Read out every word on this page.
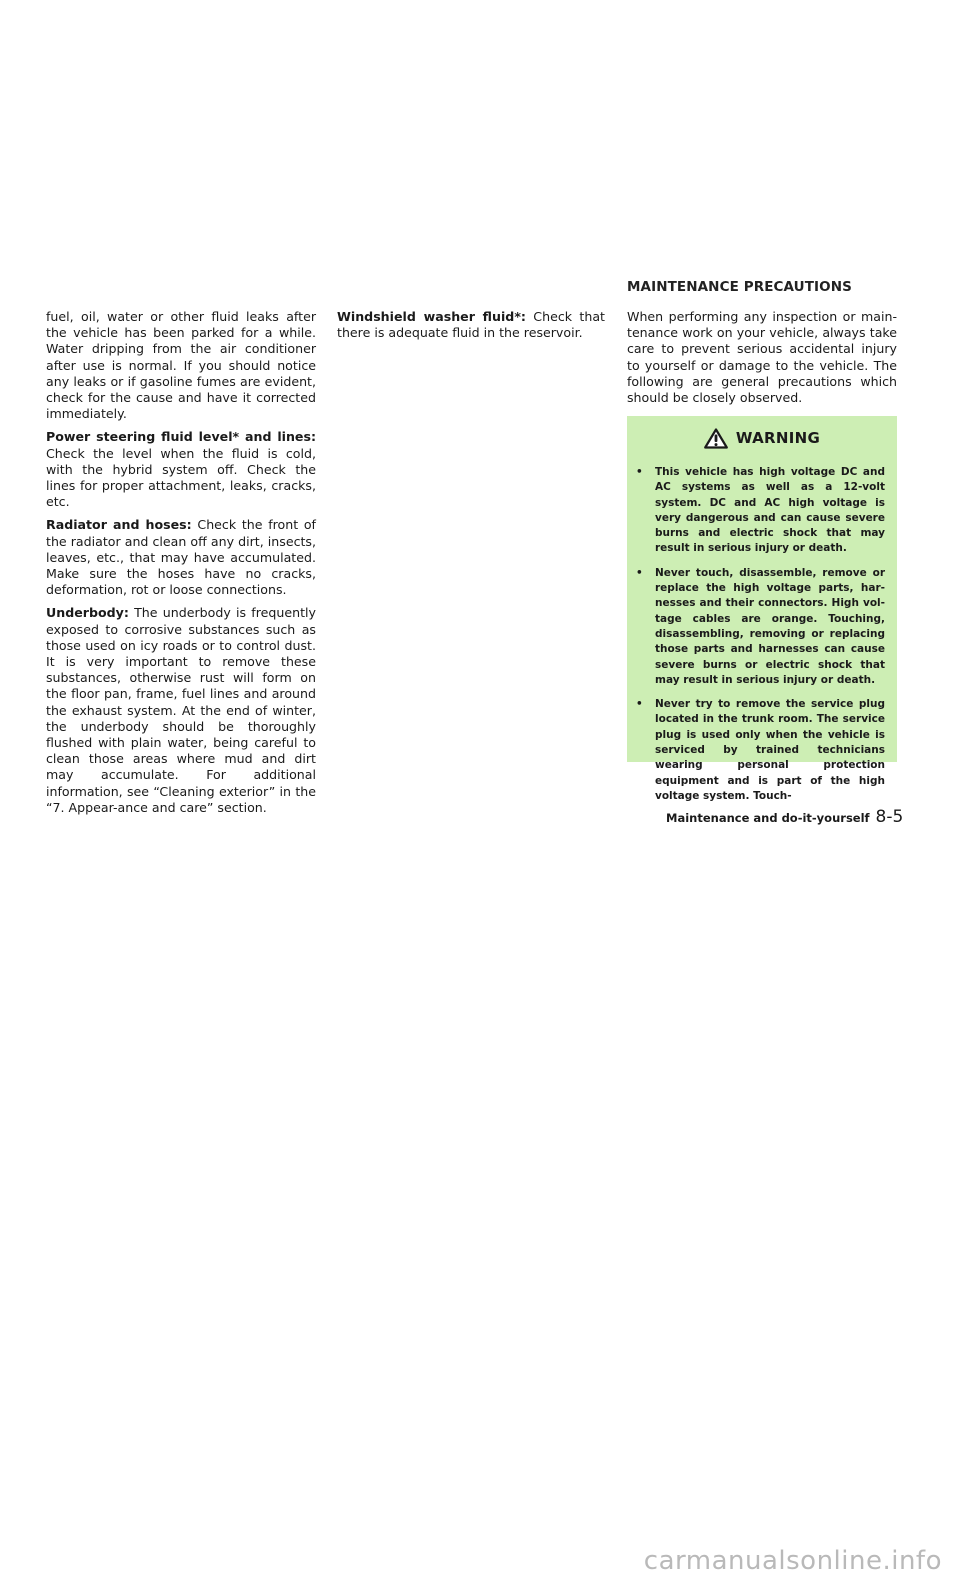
fuel, oil, water or other fluid leaks after the vehicle has been parked for a while. Water dripping from the air conditioner after use is normal. If you should notice any leaks or if gasoline fumes are evident, check for the cause and have it corrected immediately.

Power steering fluid level* and lines: Check the level when the fluid is cold, with the hybrid system off. Check the lines for proper attachment, leaks, cracks, etc.

Radiator and hoses: Check the front of the radiator and clean off any dirt, insects, leaves, etc., that may have accumulated. Make sure the hoses have no cracks, deformation, rot or loose connections.

Underbody: The underbody is frequently exposed to corrosive substances such as those used on icy roads or to control dust. It is very important to remove these substances, otherwise rust will form on the floor pan, frame, fuel lines and around the exhaust system. At the end of winter, the underbody should be thoroughly flushed with plain water, being careful to clean those areas where mud and dirt may accumulate. For additional information, see “Cleaning exterior” in the “7. Appear-ance and care” section.

Windshield washer fluid*: Check that there is adequate fluid in the reservoir.

MAINTENANCE PRECAUTIONS

When performing any inspection or main-tenance work on your vehicle, always take care to prevent serious accidental injury to yourself or damage to the vehicle. The following are general precautions which should be closely observed.

WARNING
• This vehicle has high voltage DC and AC systems as well as a 12-volt system. DC and AC high voltage is very dangerous and can cause severe burns and electric shock that may result in serious injury or death.
• Never touch, disassemble, remove or replace the high voltage parts, har-nesses and their connectors. High vol-tage cables are orange. Touching, disassembling, removing or replacing those parts and harnesses can cause severe burns or electric shock that may result in serious injury or death.
• Never try to remove the service plug located in the trunk room. The service plug is used only when the vehicle is serviced by trained technicians wearing personal protection equipment and is part of the high voltage system. Touch-
Maintenance and do-it-yourself 8-5
carmanualsonline.info
